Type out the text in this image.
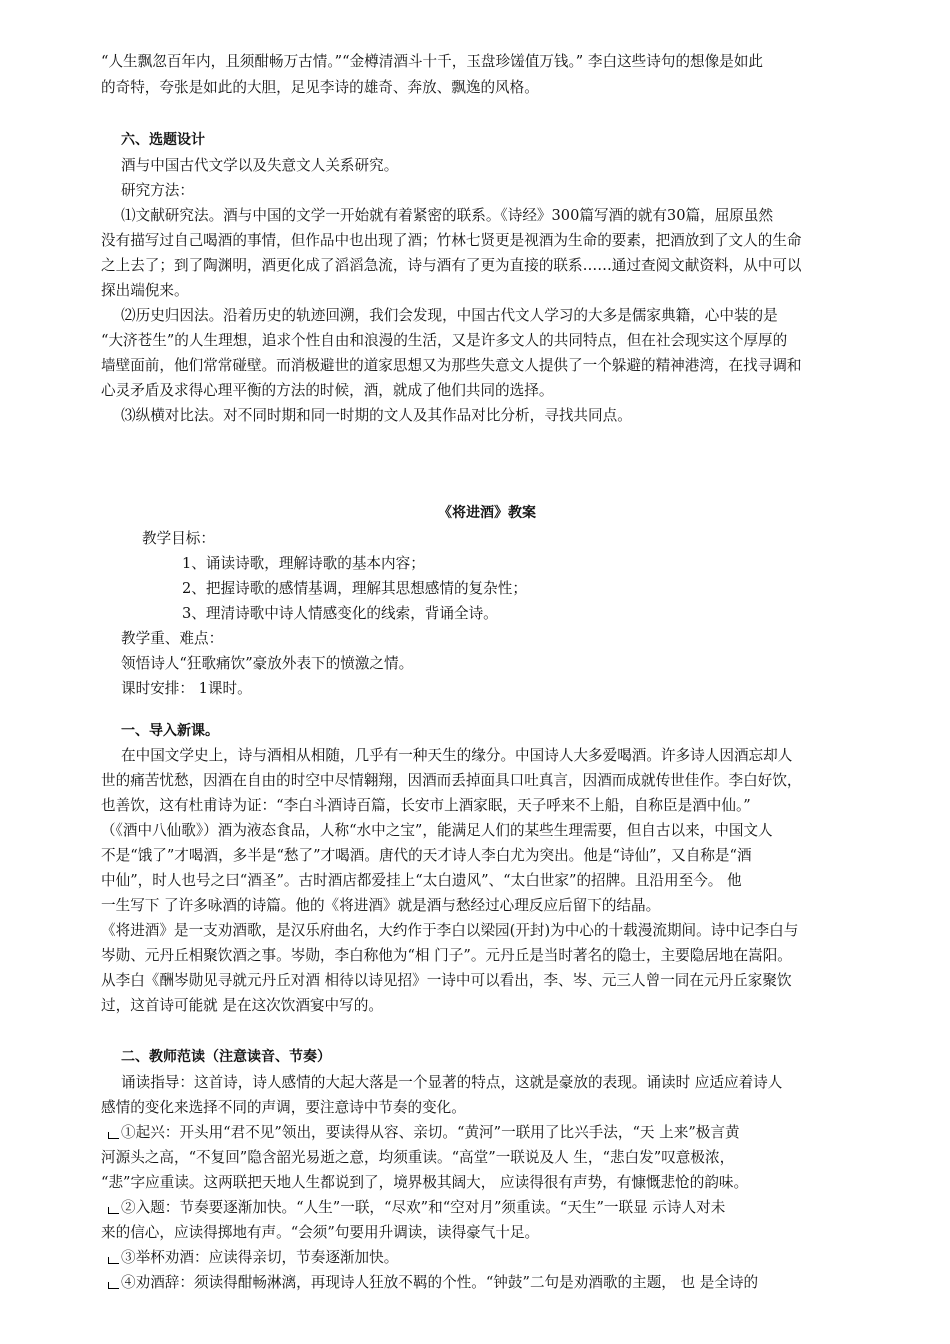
“人生飘忽百年内，且须酣畅万古情。”“金樽清酒斗十千，玉盘珍馐值万钱。” 李白这些诗句的想像是如此

的奇特，夸张是如此的大胆，足见李诗的雄奇、奔放、飘逸的风格。

六、选题设计

酒与中国古代文学以及失意文人关系研究。

研究方法：

⑴文献研究法。酒与中国的文学一开始就有着紧密的联系。《诗经》300篇写酒的就有30篇，屈原虽然

没有描写过自己喝酒的事情，但作品中也出现了酒；竹林七贤更是视酒为生命的要素，把酒放到了文人的生命

之上去了；到了陶渊明，酒更化成了滔滔急流，诗与酒有了更为直接的联系……通过查阅文献资料，从中可以

探出端倪来。

⑵历史归因法。沿着历史的轨迹回溯，我们会发现，中国古代文人学习的大多是儒家典籍，心中装的是

“大济苍生”的人生理想，追求个性自由和浪漫的生活，又是许多文人的共同特点，但在社会现实这个厚厚的

墙壁面前，他们常常碰壁。而消极避世的道家思想又为那些失意文人提供了一个躲避的精神港湾，在找寻调和

心灵矛盾及求得心理平衡的方法的时候，酒，就成了他们共同的选择。

⑶纵横对比法。对不同时期和同一时期的文人及其作品对比分析，寻找共同点。

《将进酒》教案

教学目标：

1、诵读诗歌，理解诗歌的基本内容；

2、把握诗歌的感情基调，理解其思想感情的复杂性；

3、理清诗歌中诗人情感变化的线索，背诵全诗。

教学重、难点：

领悟诗人“狂歌痛饮”豪放外表下的愤激之情。

课时安排： 1课时。

一、导入新课。

在中国文学史上，诗与酒相从相随，几乎有一种天生的缘分。中国诗人大多爱喝酒。许多诗人因酒忘却人

世的痛苦忧愁，因酒在自由的时空中尽情翱翔，因酒而丢掉面具口吐真言，因酒而成就传世佳作。李白好饮，

也善饮，这有杜甫诗为证：“李白斗酒诗百篇，长安市上酒家眠，天子呼来不上船，自称臣是酒中仙。”

（《酒中八仙歌》）酒为液态食品，人称“水中之宝”，能满足人们的某些生理需要，但自古以来，中国文人

不是“饿了”才喝酒，多半是“愁了”才喝酒。唐代的天才诗人李白尤为突出。他是“诗仙”，又自称是“酒

中仙”，时人也号之曰“酒圣”。古时酒店都爱挂上“太白遗风”、“太白世家”的招牌。且沿用至今。 他

一生写下 了许多咏酒的诗篇。他的《将进酒》就是酒与愁经过心理反应后留下的结晶。

《将进酒》是一支劝酒歌，是汉乐府曲名，大约作于李白以梁园(开封)为中心的十载漫流期间。诗中记李白与

岑勋、元丹丘相聚饮酒之事。岑勋，李白称他为“相 门子”。元丹丘是当时著名的隐士，主要隐居地在嵩阳。

从李白《酬岑勋见寻就元丹丘对酒 相待以诗见招》一诗中可以看出，李、岑、元三人曾一同在元丹丘家聚饮

过，这首诗可能就 是在这次饮酒宴中写的。

二、教师范读（注意读音、节奏）

诵读指导：这首诗，诗人感情的大起大落是一个显著的特点，这就是豪放的表现。诵读时 应适应着诗人

感情的变化来选择不同的声调，要注意诗中节奏的变化。

①起兴：开头用“君不见”领出，要读得从容、亲切。“黄河”一联用了比兴手法，“天 上来”极言黄

河源头之高，“不复回”隐含韶光易逝之意，均须重读。“高堂”一联说及人 生，“悲白发”叹意极浓，

“悲”字应重读。这两联把天地人生都说到了，境界极其阔大， 应读得很有声势，有慷慨悲怆的韵味。

②入题：节奏要逐渐加快。“人生”一联，“尽欢”和“空对月”须重读。“天生”一联显 示诗人对未

来的信心，应读得掷地有声。“会须”句要用升调读，读得豪气十足。

③举杯劝酒：应读得亲切，节奏逐渐加快。

④劝酒辞：须读得酣畅淋漓，再现诗人狂放不羁的个性。“钟鼓”二句是劝酒歌的主题， 也 是全诗的
